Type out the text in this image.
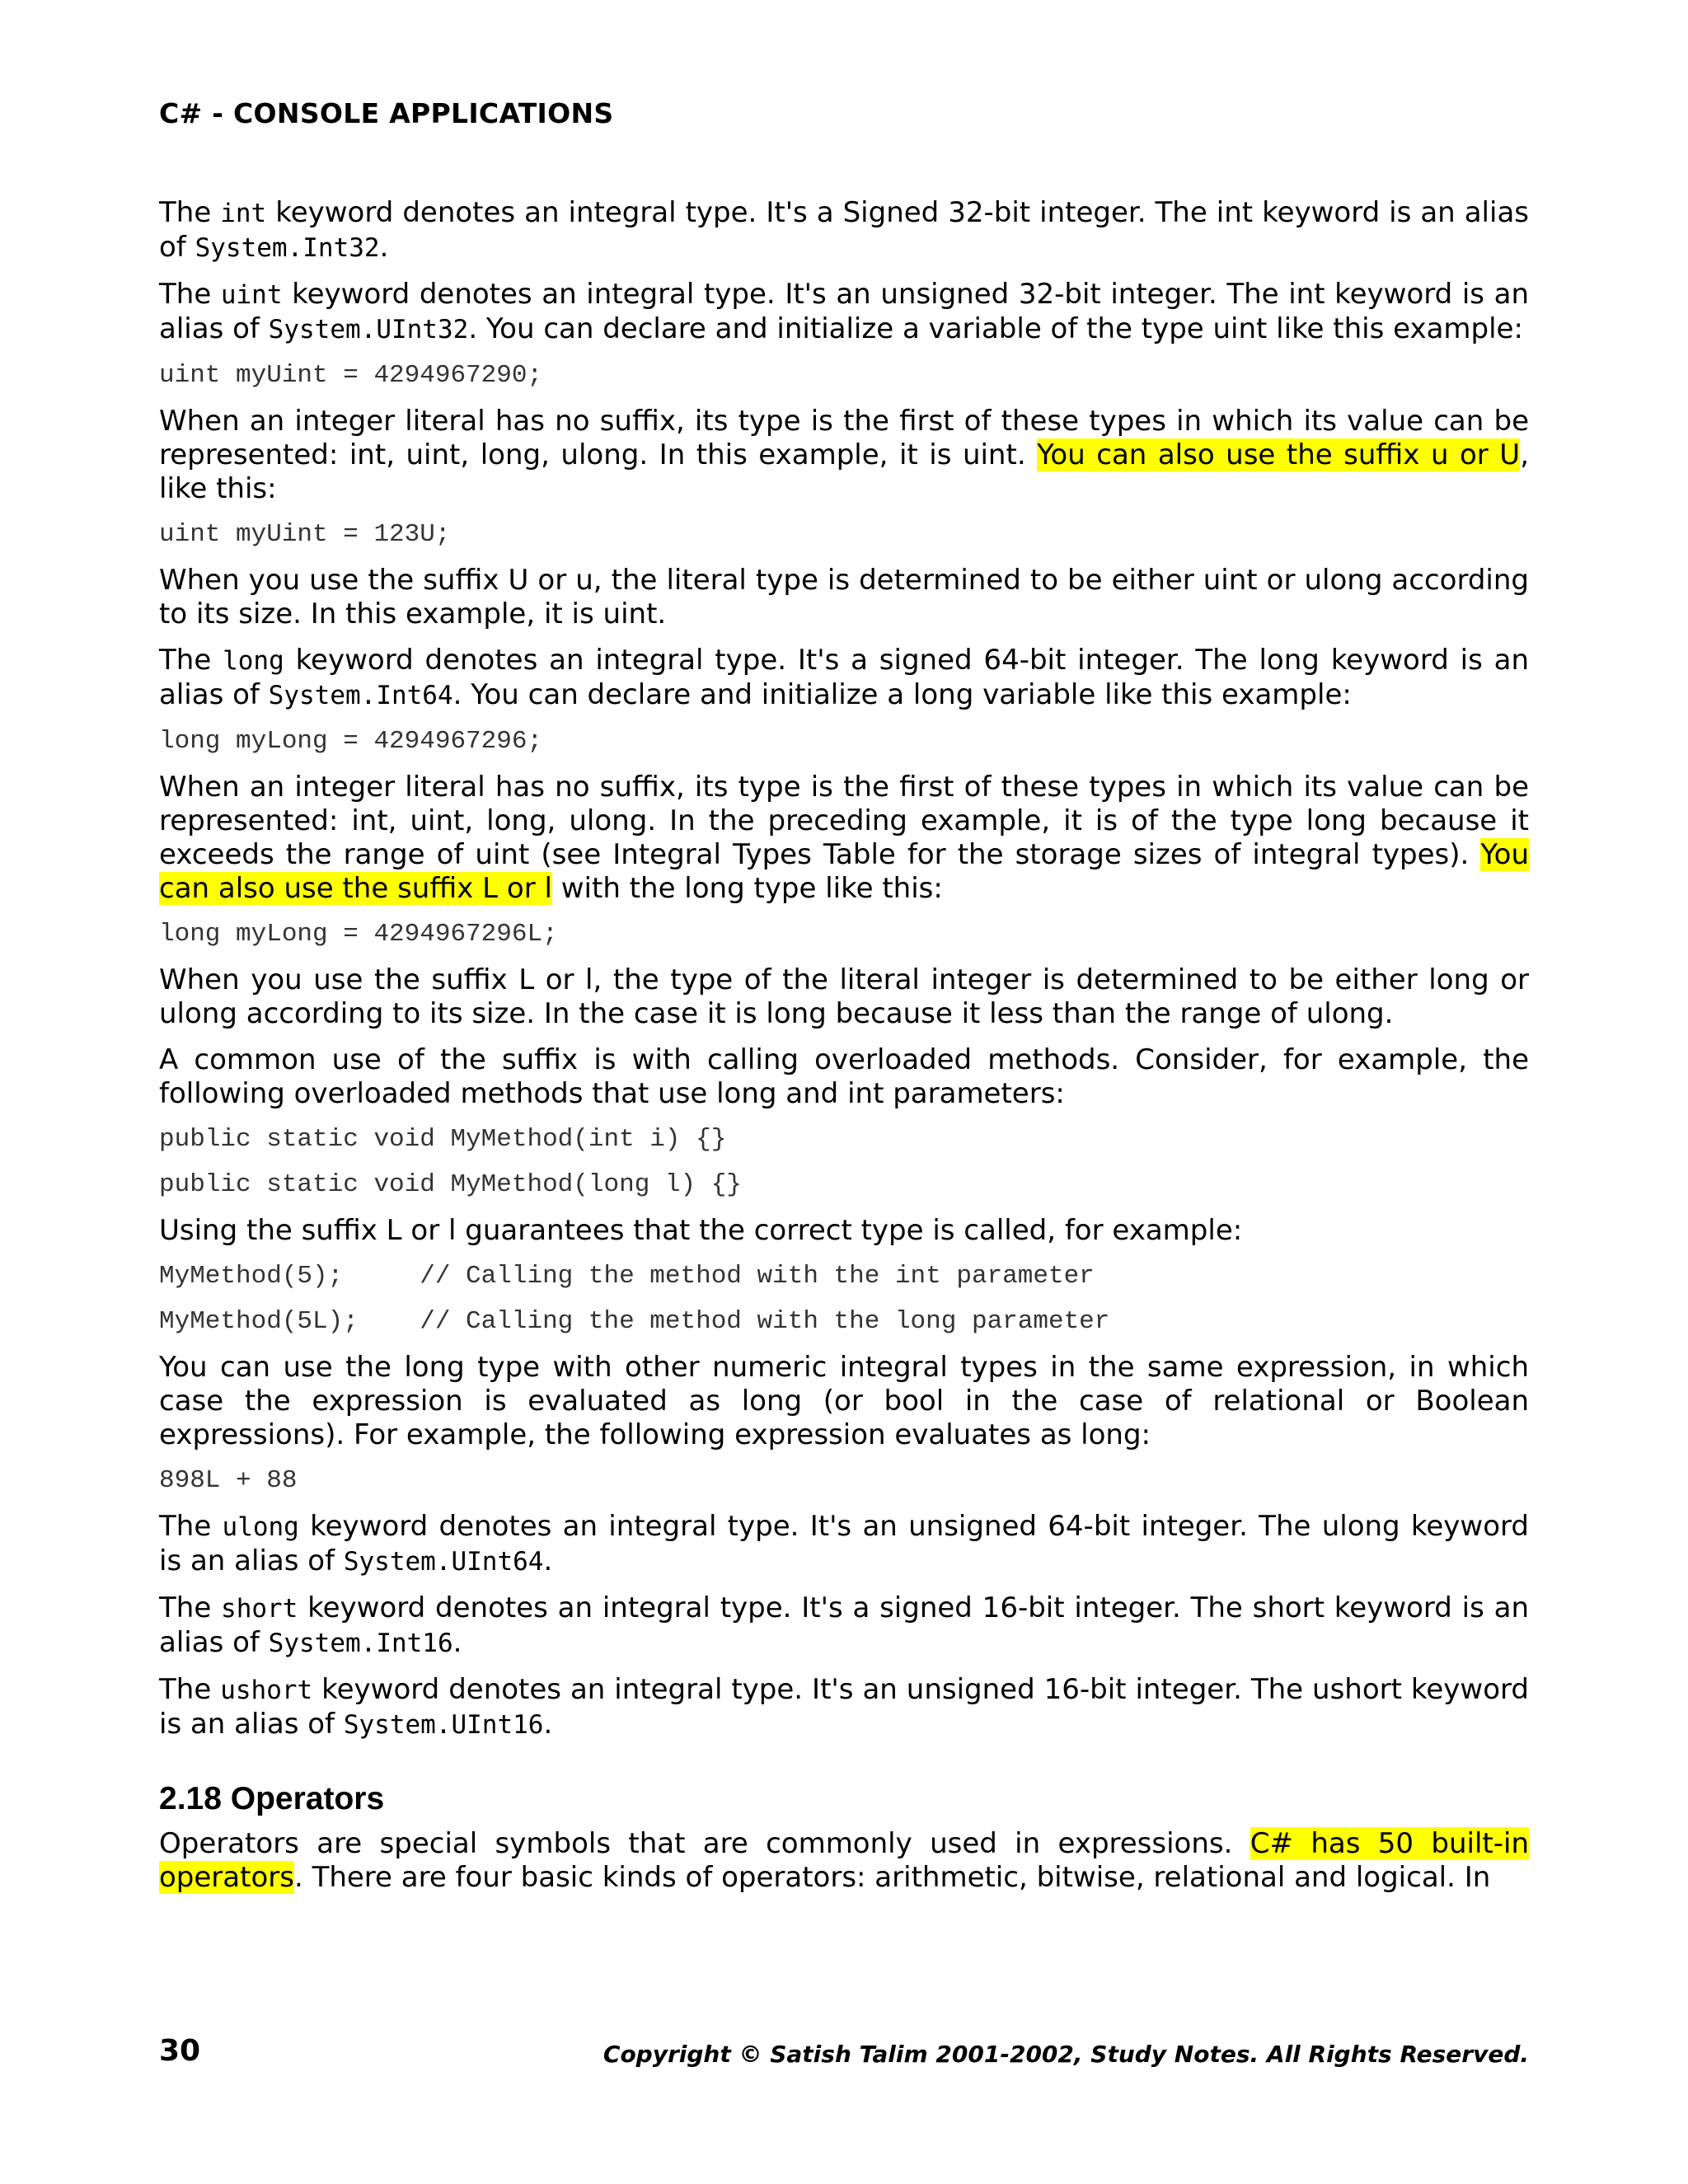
C# - CONSOLE APPLICATIONS

The int keyword denotes an integral type. It's a Signed 32-bit integer. The int keyword is an alias of System.Int32.

The uint keyword denotes an integral type. It's an unsigned 32-bit integer. The int keyword is an alias of System.UInt32. You can declare and initialize a variable of the type uint like this example:

uint myUint = 4294967290;

When an integer literal has no suffix, its type is the first of these types in which its value can be represented: int, uint, long, ulong. In this example, it is uint. You can also use the suffix u or U, like this:

uint myUint = 123U;

When you use the suffix U or u, the literal type is determined to be either uint or ulong according to its size. In this example, it is uint.

The long keyword denotes an integral type. It's a signed 64-bit integer. The long keyword is an alias of System.Int64. You can declare and initialize a long variable like this example:

long myLong = 4294967296;

When an integer literal has no suffix, its type is the first of these types in which its value can be represented: int, uint, long, ulong. In the preceding example, it is of the type long because it exceeds the range of uint (see Integral Types Table for the storage sizes of integral types). You can also use the suffix L or l with the long type like this:

long myLong = 4294967296L;

When you use the suffix L or l, the type of the literal integer is determined to be either long or ulong according to its size. In the case it is long because it less than the range of ulong.

A common use of the suffix is with calling overloaded methods. Consider, for example, the following overloaded methods that use long and int parameters:

public static void MyMethod(int i) {}

public static void MyMethod(long l) {}

Using the suffix L or l guarantees that the correct type is called, for example:

MyMethod(5);     // Calling the method with the int parameter

MyMethod(5L);    // Calling the method with the long parameter

You can use the long type with other numeric integral types in the same expression, in which case the expression is evaluated as long (or bool in the case of relational or Boolean expressions). For example, the following expression evaluates as long:

898L + 88

The ulong keyword denotes an integral type. It's an unsigned 64-bit integer. The ulong keyword is an alias of System.UInt64.

The short keyword denotes an integral type. It's a signed 16-bit integer. The short keyword is an alias of System.Int16.

The ushort keyword denotes an integral type. It's an unsigned 16-bit integer. The ushort keyword is an alias of System.UInt16.

2.18 Operators

Operators are special symbols that are commonly used in expressions. C# has 50 built-in operators. There are four basic kinds of operators: arithmetic, bitwise, relational and logical. In

30	Copyright © Satish Talim 2001-2002, Study Notes. All Rights Reserved.
